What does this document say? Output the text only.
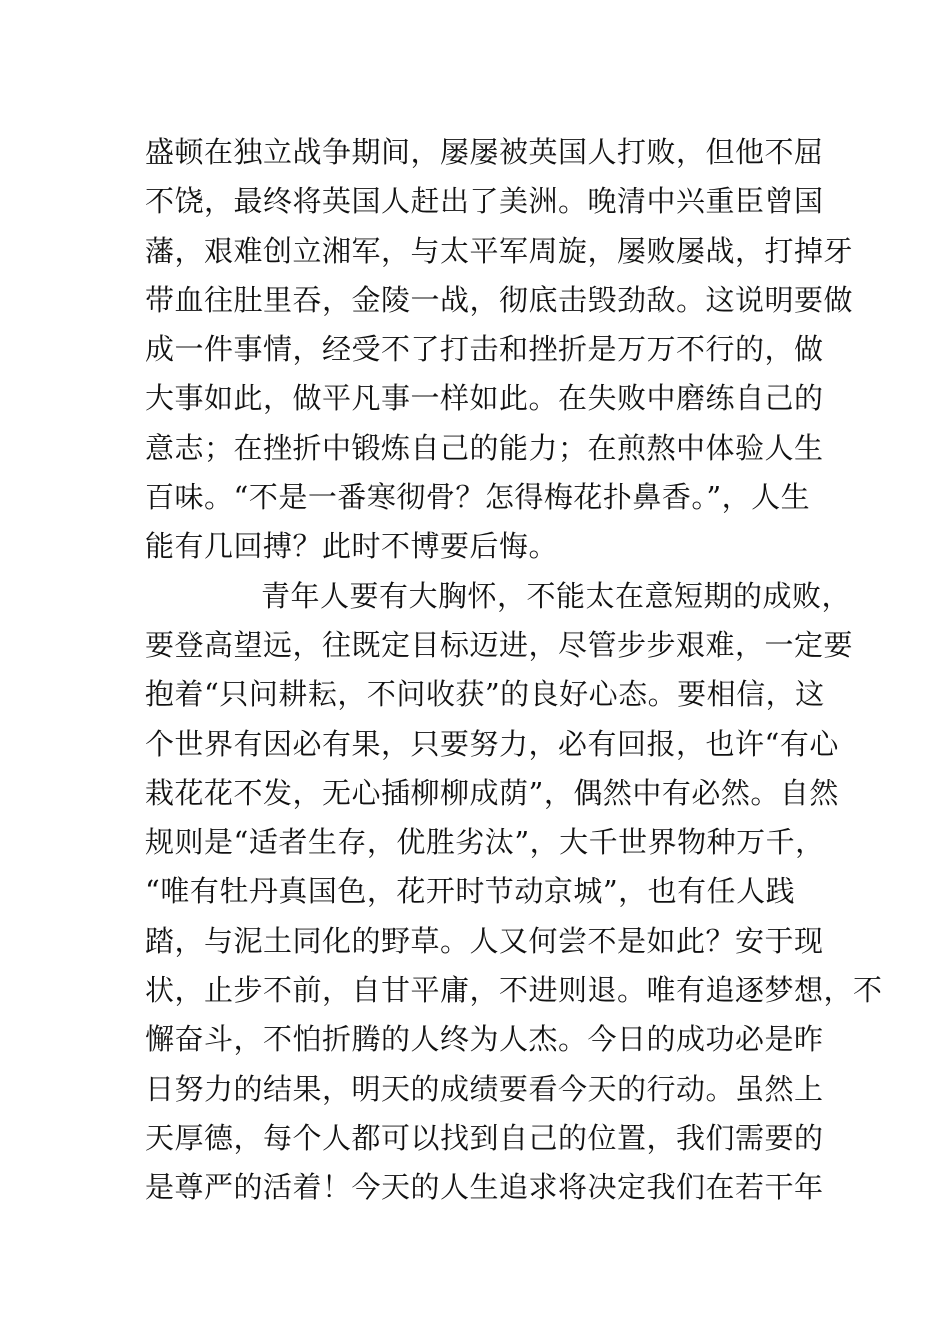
盛顿在独立战争期间，屡屡被英国人打败，但他不屈
不饶，最终将英国人赶出了美洲。晚清中兴重臣曾国
藩，艰难创立湘军，与太平军周旋，屡败屡战，打掉牙
带血往肚里吞，金陵一战，彻底击毁劲敌。这说明要做
成一件事情，经受不了打击和挫折是万万不行的，做
大事如此，做平凡事一样如此。在失败中磨练自己的
意志；在挫折中锻炼自己的能力；在煎熬中体验人生
百味。“不是一番寒彻骨？怎得梅花扑鼻香。”，人生
能有几回搏？此时不博要后悔。
青年人要有大胸怀，不能太在意短期的成败，
要登高望远，往既定目标迈进，尽管步步艰难，一定要
抱着“只问耕耘，不问收获”的良好心态。要相信，这
个世界有因必有果，只要努力，必有回报，也许“有心
栽花花不发，无心插柳柳成荫”，偶然中有必然。自然
规则是“适者生存，优胜劣汰”，大千世界物种万千，
“唯有牡丹真国色，花开时节动京城”，也有任人践
踏，与泥土同化的野草。人又何尝不是如此？安于现
状，止步不前，自甘平庸，不进则退。唯有追逐梦想，不
懈奋斗，不怕折腾的人终为人杰。今日的成功必是昨
日努力的结果，明天的成绩要看今天的行动。虽然上
天厚德，每个人都可以找到自己的位置，我们需要的
是尊严的活着！今天的人生追求将决定我们在若干年
